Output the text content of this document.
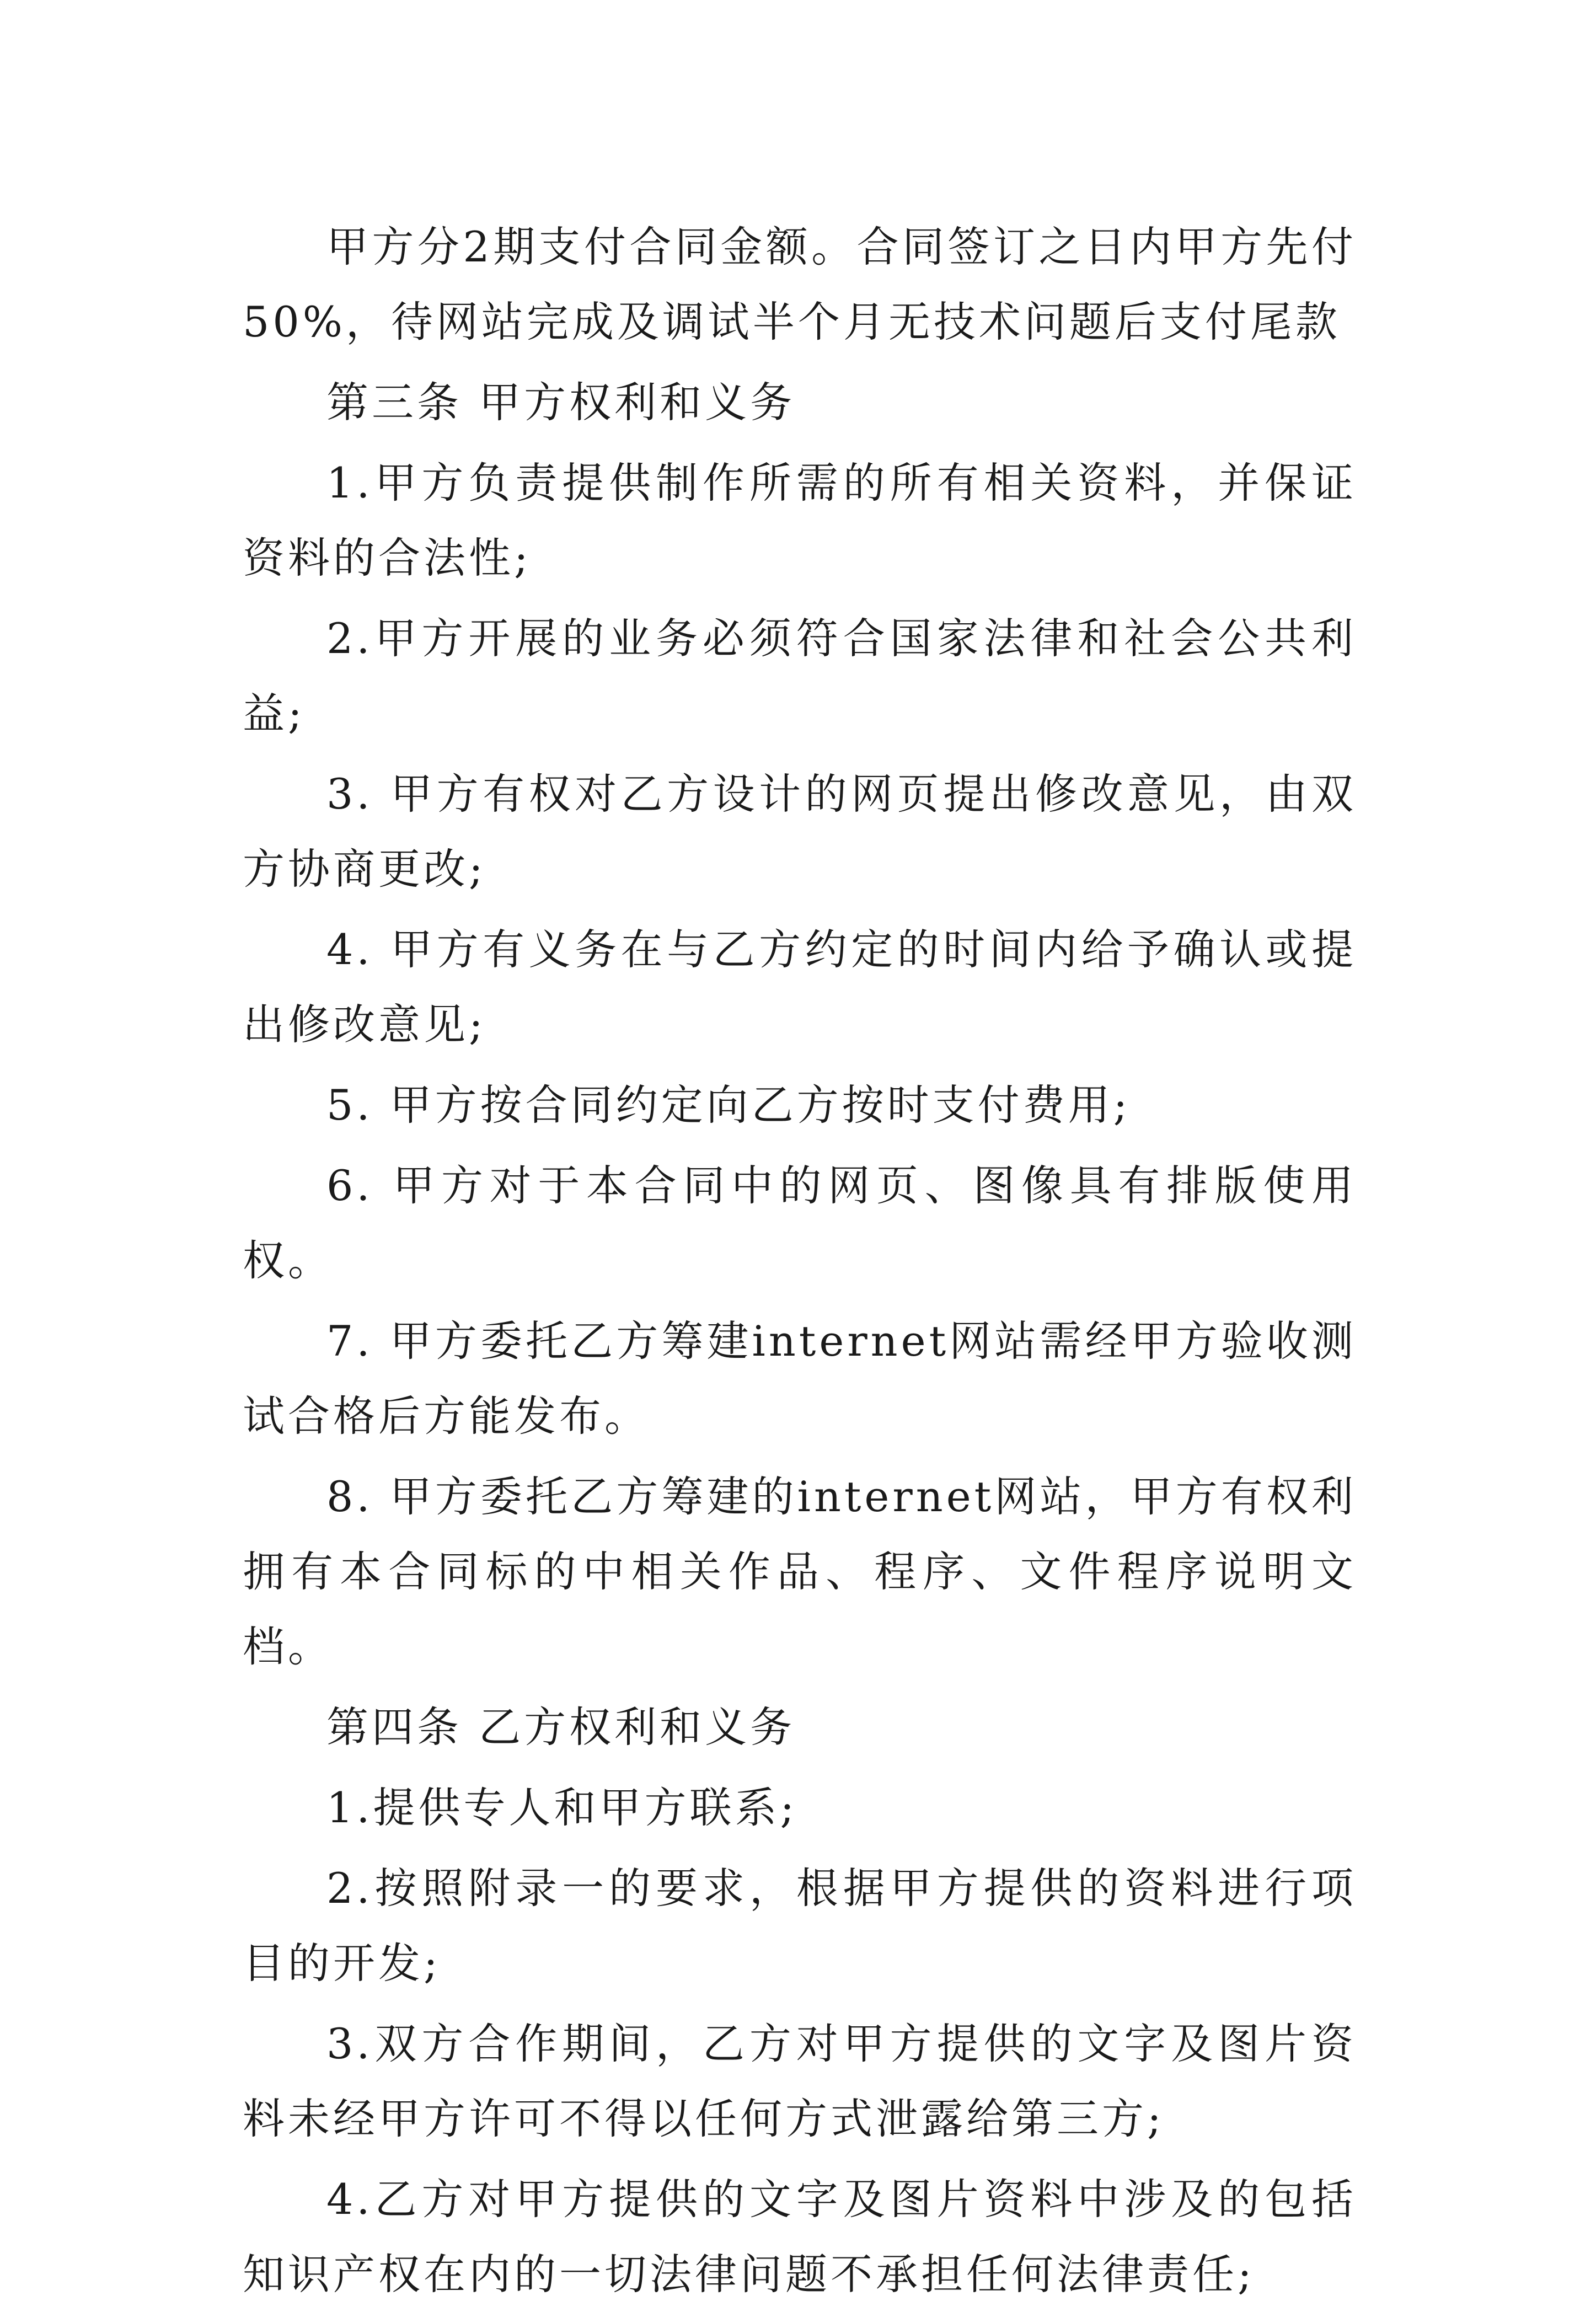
甲方分2期支付合同金额。合同签订之日内甲方先付50%，待网站完成及调试半个月无技术问题后支付尾款

第三条 甲方权利和义务

1.甲方负责提供制作所需的所有相关资料，并保证资料的合法性;

2.甲方开展的业务必须符合国家法律和社会公共利益;

3. 甲方有权对乙方设计的网页提出修改意见，由双方协商更改;

4. 甲方有义务在与乙方约定的时间内给予确认或提出修改意见;

5. 甲方按合同约定向乙方按时支付费用;

6. 甲方对于本合同中的网页、图像具有排版使用权。

7. 甲方委托乙方筹建internet网站需经甲方验收测试合格后方能发布。

8. 甲方委托乙方筹建的internet网站，甲方有权利拥有本合同标的中相关作品、程序、文件程序说明文档。

第四条 乙方权利和义务

1.提供专人和甲方联系;

2.按照附录一的要求，根据甲方提供的资料进行项目的开发;

3.双方合作期间，乙方对甲方提供的文字及图片资料未经甲方许可不得以任何方式泄露给第三方;

4.乙方对甲方提供的文字及图片资料中涉及的包括知识产权在内的一切法律问题不承担任何法律责任;
